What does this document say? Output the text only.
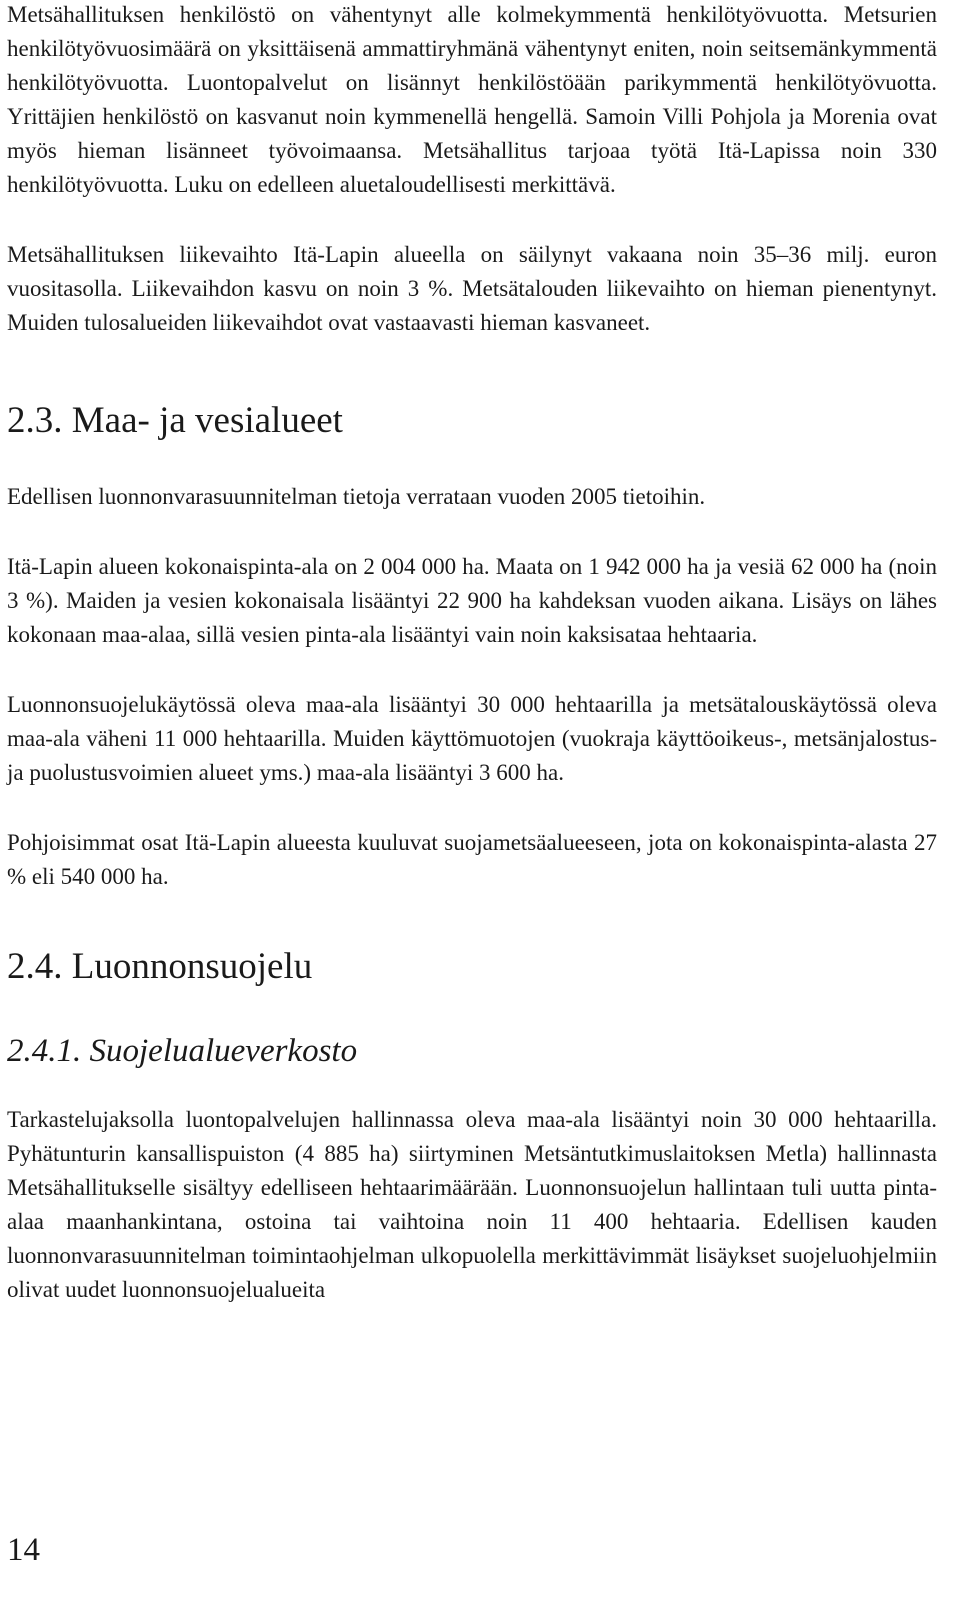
Metsähallituksen henkilöstö on vähentynyt alle kolmekymmentä henkilötyövuotta. Metsurien henkilötyövuosimäärä on yksittäisenä ammattiryhmänä vähentynyt eniten, noin seitsemänkymmentä henkilötyövuotta. Luontopalvelut on lisännyt henkilöstöään parikymmentä henkilötyövuotta. Yrittäjien henkilöstö on kasvanut noin kymmenellä hengellä. Samoin Villi Pohjola ja Morenia ovat myös hieman lisänneet työvoimaansa. Metsähallitus tarjoaa työtä Itä-Lapissa noin 330 henkilötyövuotta. Luku on edelleen aluetaloudellisesti merkittävä.

Metsähallituksen liikevaihto Itä-Lapin alueella on säilynyt vakaana noin 35–36 milj. euron vuositasolla. Liikevaihdon kasvu on noin 3 %. Metsätalouden liikevaihto on hieman pienentynyt. Muiden tulosalueiden liikevaihdot ovat vastaavasti hieman kasvaneet.

2.3. Maa- ja vesialueet

Edellisen luonnonvarasuunnitelman tietoja verrataan vuoden 2005 tietoihin.

Itä-Lapin alueen kokonaispinta-ala on 2 004 000 ha. Maata on 1 942 000 ha ja vesiä 62 000 ha (noin 3 %). Maiden ja vesien kokonaisala lisääntyi 22 900 ha kahdeksan vuoden aikana. Lisäys on lähes kokonaan maa-alaa, sillä vesien pinta-ala lisääntyi vain noin kaksisataa hehtaaria.

Luonnonsuojelukäytössä oleva maa-ala lisääntyi 30 000 hehtaarilla ja metsätalouskäytössä oleva maa-ala väheni 11 000 hehtaarilla. Muiden käyttömuotojen (vuokraja käyttöoikeus-, metsänjalostus- ja puolustusvoimien alueet yms.) maa-ala lisääntyi 3 600 ha.

Pohjoisimmat osat Itä-Lapin alueesta kuuluvat suojametsäalueeseen, jota on kokonaispinta-alasta 27 % eli 540 000 ha.

2.4. Luonnonsuojelu
2.4.1. Suojelualueverkosto

Tarkastelujaksolla luontopalvelujen hallinnassa oleva maa-ala lisääntyi noin 30 000 hehtaarilla. Pyhätunturin kansallispuiston (4 885 ha) siirtyminen Metsäntutkimuslaitoksen Metla) hallinnasta Metsähallitukselle sisältyy edelliseen hehtaarimäärään. Luonnonsuojelun hallintaan tuli uutta pinta-alaa maanhankintana, ostoina tai vaihtoina noin 11 400 hehtaaria. Edellisen kauden luonnonvarasuunnitelman toimintaohjelman ulkopuolella merkittävimmät lisäykset suojeluohjelmiin olivat uudet luonnonsuojelualueita

14
